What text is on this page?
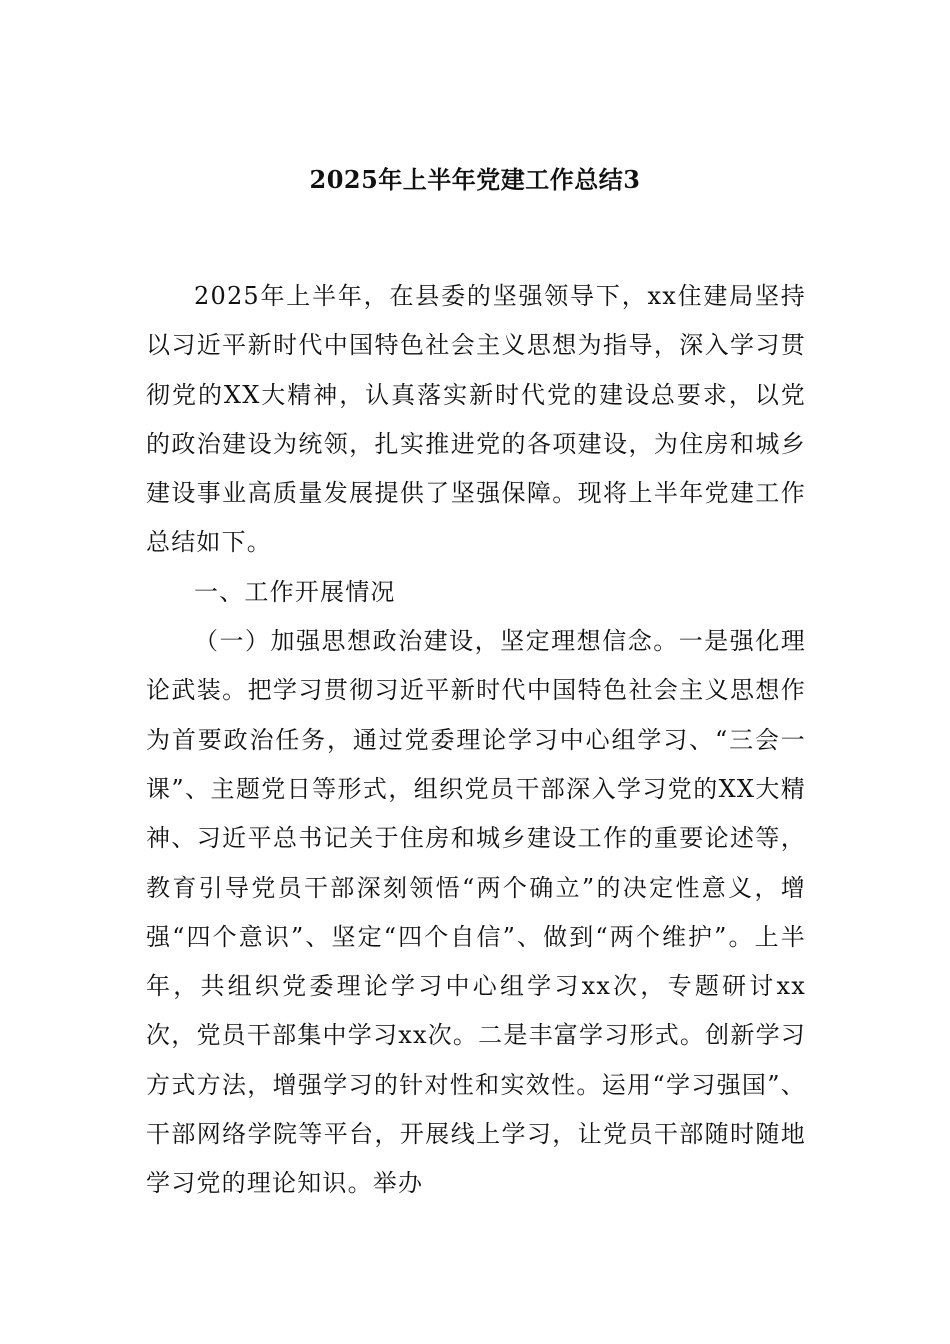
2025年上半年党建工作总结3

2025年上半年，在县委的坚强领导下，xx住建局坚持以习近平新时代中国特色社会主义思想为指导，深入学习贯彻党的XX大精神，认真落实新时代党的建设总要求，以党的政治建设为统领，扎实推进党的各项建设，为住房和城乡建设事业高质量发展提供了坚强保障。现将上半年党建工作总结如下。

一、工作开展情况

（一）加强思想政治建设，坚定理想信念。一是强化理论武装。把学习贯彻习近平新时代中国特色社会主义思想作为首要政治任务，通过党委理论学习中心组学习、“三会一课”、主题党日等形式，组织党员干部深入学习党的XX大精神、习近平总书记关于住房和城乡建设工作的重要论述等，教育引导党员干部深刻领悟“两个确立”的决定性意义，增强“四个意识”、坚定“四个自信”、做到“两个维护”。上半年，共组织党委理论学习中心组学习xx次，专题研讨xx次，党员干部集中学习xx次。二是丰富学习形式。创新学习方式方法，增强学习的针对性和实效性。运用“学习强国”、干部网络学院等平台，开展线上学习，让党员干部随时随地学习党的理论知识。举办
